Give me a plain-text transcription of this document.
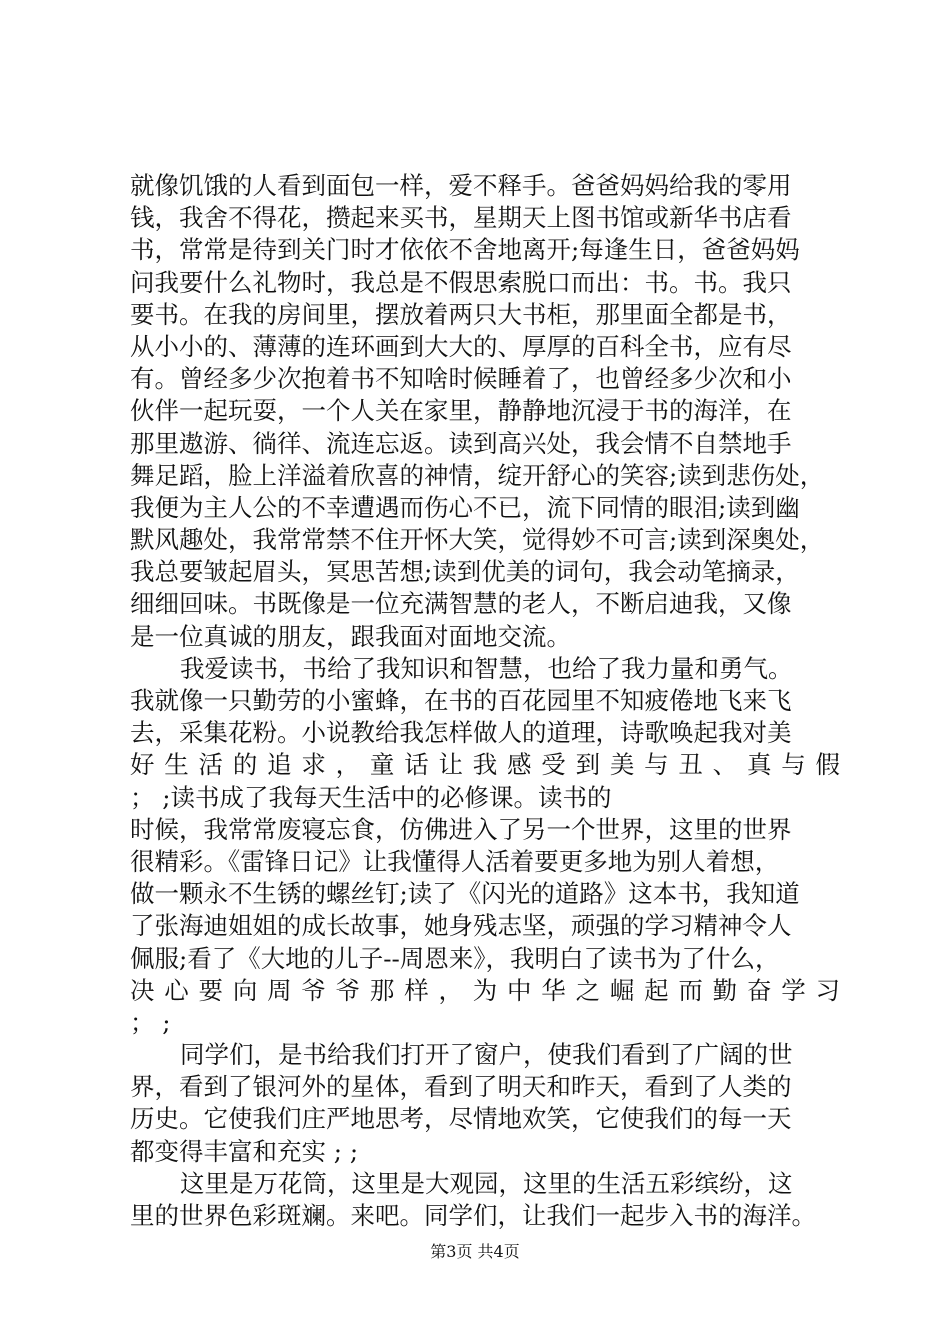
就像饥饿的人看到面包一样，爱不释手。爸爸妈妈给我的零用
钱，我舍不得花，攒起来买书，星期天上图书馆或新华书店看
书，常常是待到关门时才依依不舍地离开;每逢生日，爸爸妈妈
问我要什么礼物时，我总是不假思索脱口而出：书。书。我只
要书。在我的房间里，摆放着两只大书柜，那里面全都是书，
从小小的、薄薄的连环画到大大的、厚厚的百科全书，应有尽
有。曾经多少次抱着书不知啥时候睡着了，也曾经多少次和小
伙伴一起玩耍，一个人关在家里，静静地沉浸于书的海洋，在
那里遨游、徜徉、流连忘返。读到高兴处，我会情不自禁地手
舞足蹈，脸上洋溢着欣喜的神情，绽开舒心的笑容;读到悲伤处，
我便为主人公的不幸遭遇而伤心不已，流下同情的眼泪;读到幽
默风趣处，我常常禁不住开怀大笑，觉得妙不可言;读到深奥处，
我总要皱起眉头，冥思苦想;读到优美的词句，我会动笔摘录，
细细回味。书既像是一位充满智慧的老人，不断启迪我，又像
是一位真诚的朋友，跟我面对面地交流。
我爱读书，书给了我知识和智慧，也给了我力量和勇气。
我就像一只勤劳的小蜜蜂，在书的百花园里不知疲倦地飞来飞
去，采集花粉。小说教给我怎样做人的道理，诗歌唤起我对美
好生活的追求，童话让我感受到美与丑、真与假
； ;读书成了我每天生活中的必修课。读书的
时候，我常常废寝忘食，仿佛进入了另一个世界，这里的世界
很精彩。《雷锋日记》让我懂得人活着要更多地为别人着想，
做一颗永不生锈的螺丝钉;读了《闪光的道路》这本书，我知道
了张海迪姐姐的成长故事，她身残志坚，顽强的学习精神令人
佩服;看了《大地的儿子--周恩来》，我明白了读书为了什么，
决心要向周爷爷那样，为中华之崛起而勤奋学习
； ;
同学们，是书给我们打开了窗户，使我们看到了广阔的世
界，看到了银河外的星体，看到了明天和昨天，看到了人类的
历史。它使我们庄严地思考，尽情地欢笑，它使我们的每一天
都变得丰富和充实 ; ;
这里是万花筒，这里是大观园，这里的生活五彩缤纷，这
里的世界色彩斑斓。来吧。同学们，让我们一起步入书的海洋。
第3页 共4页
